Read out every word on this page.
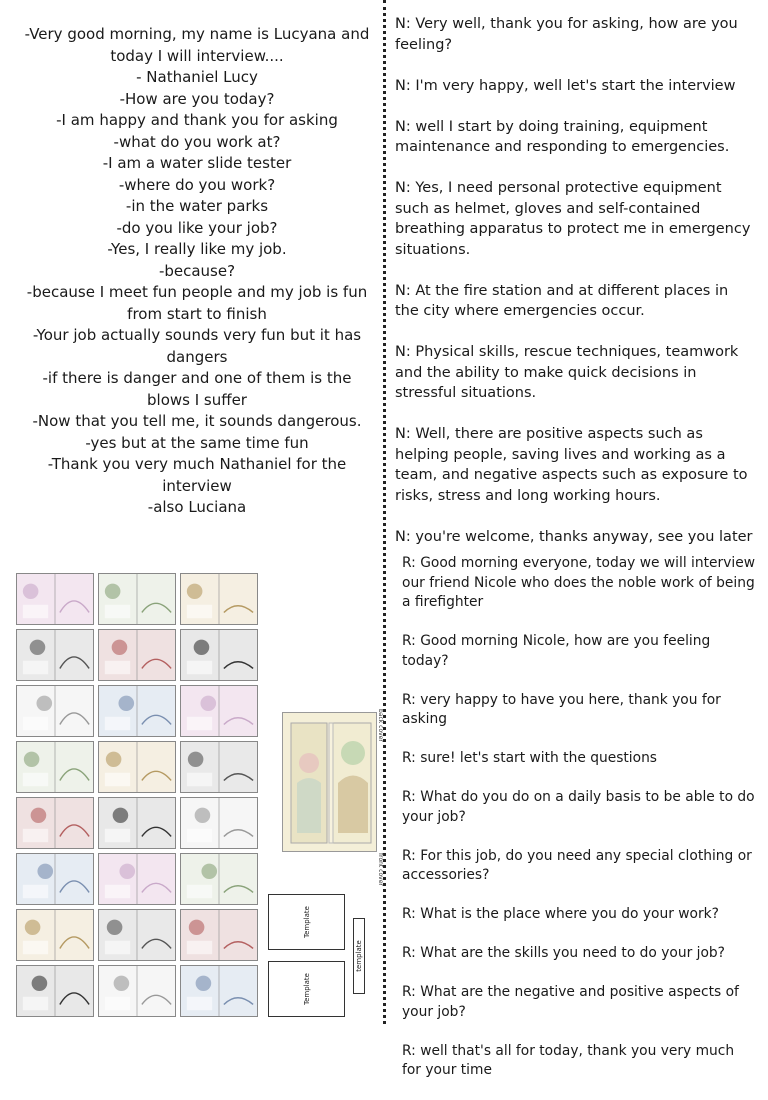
-Very good morning, my name is Lucyana and today I will interview....
- Nathaniel Lucy
-How are you today?
-I am happy and thank you for asking
-what do you work at?
-I am a water slide tester
-where do you work?
-in the water parks
-do you like your job?
-Yes, I really like my job.
-because?
-because I meet fun people and my job is fun from start to finish
-Your job actually sounds very fun but it has dangers
-if there is danger and one of them is the blows I suffer
-Now that you tell me, it sounds dangerous.
-yes but at the same time fun
-Thank you very much Nathaniel for the interview
-also Luciana

N: Very well, thank you for asking, how are you feeling?

N: I'm very happy, well let's start the interview

N: well I start by doing training, equipment maintenance and responding to emergencies.

N: Yes, I need personal protective equipment such as helmet, gloves and self-contained breathing apparatus to protect me in emergency situations.

N: At the fire station and at different places in the city where emergencies occur.

N: Physical skills, rescue techniques, teamwork and the ability to make quick decisions in stressful situations.

N: Well, there are positive aspects such as helping people, saving lives and working as a team, and negative aspects such as exposure to risks, stress and long working hours.

N: you're welcome, thanks anyway, see you later

R: Good morning everyone, today we will interview our friend Nicole who does the noble work of being a firefighter

R: Good morning Nicole, how are you feeling today?

R: very happy to have you here, thank you for asking

R: sure! let's start with the questions

R: What do you do on a daily basis to be able to do your job?

R: For this job, do you need any special clothing or accessories?

R: What is the place where you do your work?

R: What are the skills you need to do your job?

R: What are the negative and positive aspects of your job?

R: well that's all for today, thank you very much for your time

back cover
front cover
Template
Template
template
